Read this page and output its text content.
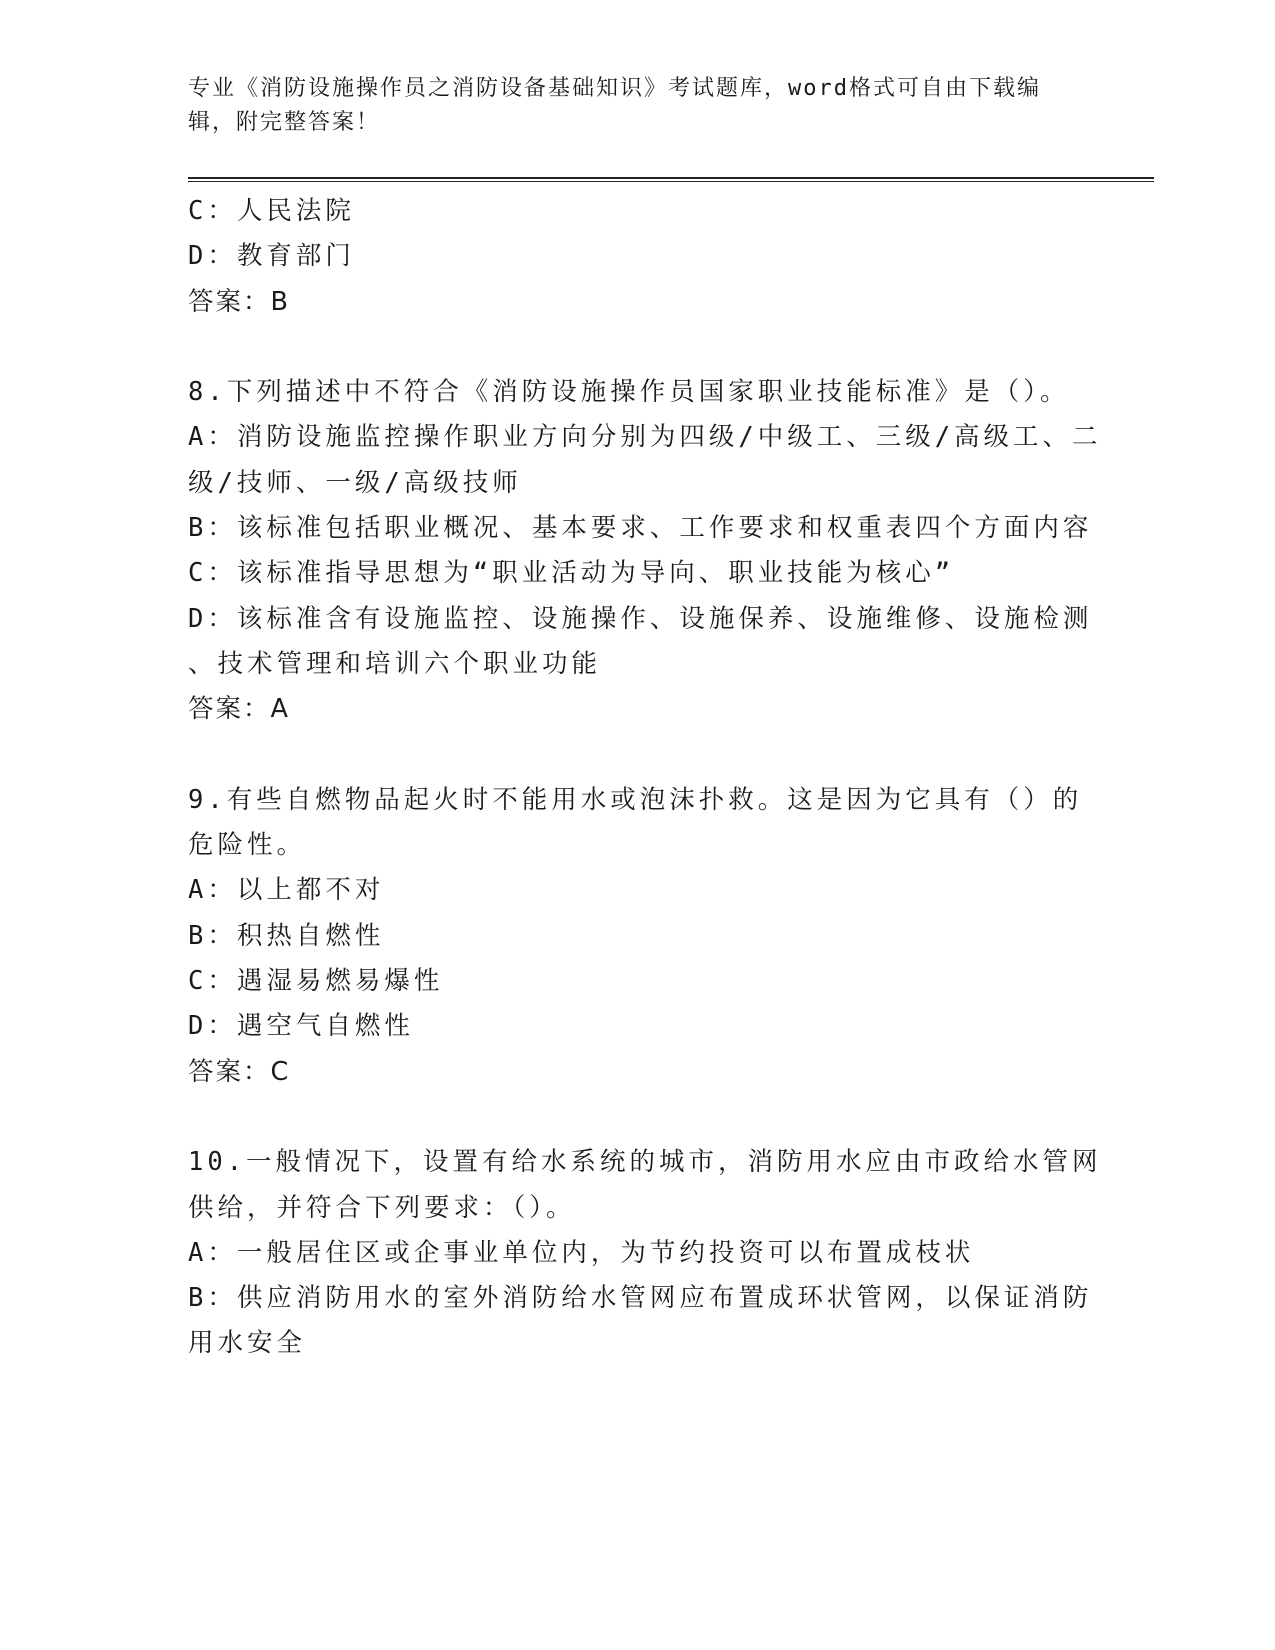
专业《消防设施操作员之消防设备基础知识》考试题库，word格式可自由下载编
辑，附完整答案！
C：人民法院
D：教育部门
答案：B
8.下列描述中不符合《消防设施操作员国家职业技能标准》是（）。
A：消防设施监控操作职业方向分别为四级/中级工、三级/高级工、二
级/技师、一级/高级技师
B：该标准包括职业概况、基本要求、工作要求和权重表四个方面内容
C：该标准指导思想为“职业活动为导向、职业技能为核心”
D：该标准含有设施监控、设施操作、设施保养、设施维修、设施检测
、技术管理和培训六个职业功能
答案：A
9.有些自燃物品起火时不能用水或泡沫扑救。这是因为它具有（）的
危险性。
A：以上都不对
B：积热自燃性
C：遇湿易燃易爆性
D：遇空气自燃性
答案：C
10.一般情况下，设置有给水系统的城市，消防用水应由市政给水管网
供给，并符合下列要求：（）。
A：一般居住区或企事业单位内，为节约投资可以布置成枝状
B：供应消防用水的室外消防给水管网应布置成环状管网，以保证消防
用水安全
